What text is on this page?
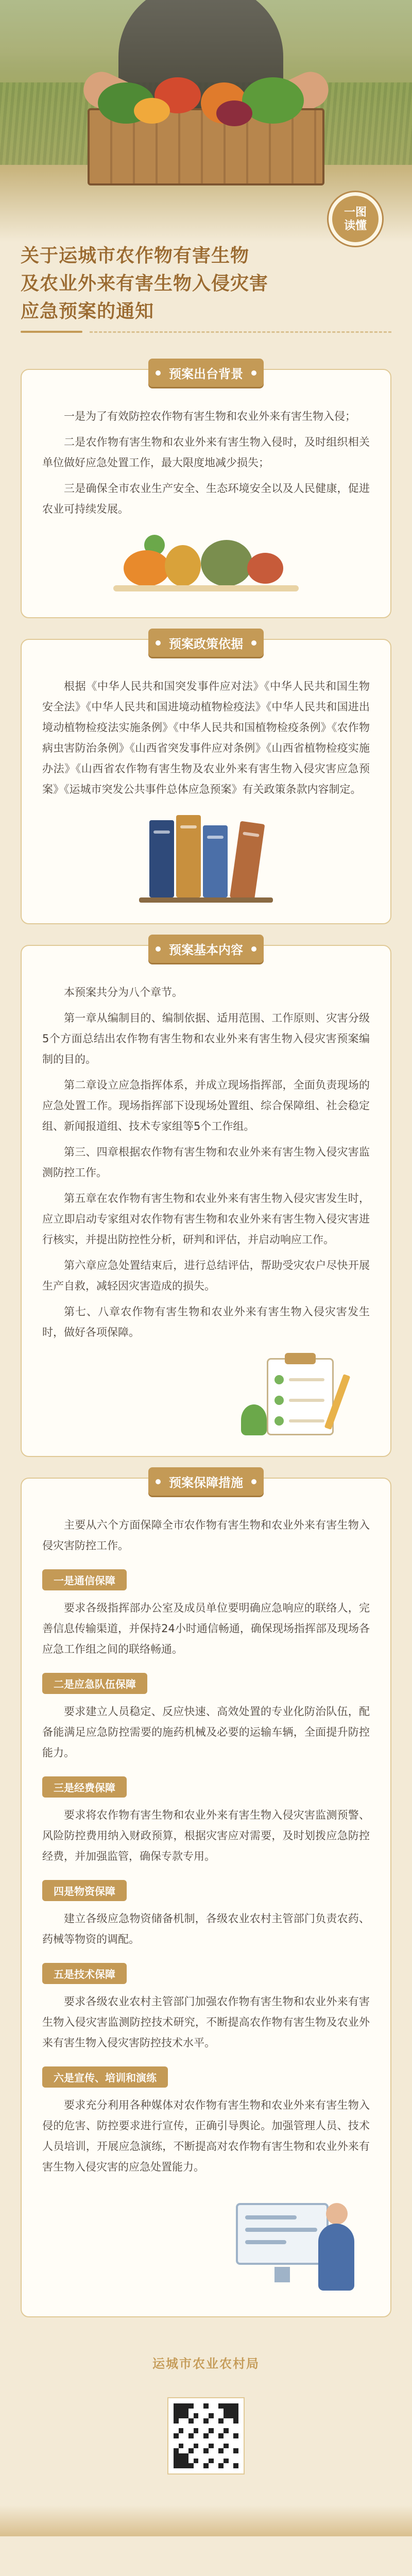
一图
读懂
关于运城市农作物有害生物
及农业外来有害生物入侵灾害
应急预案的通知
预案出台背景

一是为了有效防控农作物有害生物和农业外来有害生物入侵；

二是农作物有害生物和农业外来有害生物入侵时，及时组织相关单位做好应急处置工作，最大限度地减少损失；

三是确保全市农业生产安全、生态环境安全以及人民健康，促进农业可持续发展。

预案政策依据

根据《中华人民共和国突发事件应对法》《中华人民共和国生物安全法》《中华人民共和国进境动植物检疫法》《中华人民共和国进出境动植物检疫法实施条例》《中华人民共和国植物检疫条例》《农作物病虫害防治条例》《山西省突发事件应对条例》《山西省植物检疫实施办法》《山西省农作物有害生物及农业外来有害生物入侵灾害应急预案》《运城市突发公共事件总体应急预案》有关政策条款内容制定。

预案基本内容

本预案共分为八个章节。

第一章从编制目的、编制依据、适用范围、工作原则、灾害分级5个方面总结出农作物有害生物和农业外来有害生物入侵灾害预案编制的目的。

第二章设立应急指挥体系，并成立现场指挥部，全面负责现场的应急处置工作。现场指挥部下设现场处置组、综合保障组、社会稳定组、新闻报道组、技术专家组等5个工作组。

第三、四章根据农作物有害生物和农业外来有害生物入侵灾害监测防控工作。

第五章在农作物有害生物和农业外来有害生物入侵灾害发生时，应立即启动专家组对农作物有害生物和农业外来有害生物入侵灾害进行核实，并提出防控性分析，研判和评估，并启动响应工作。

第六章应急处置结束后，进行总结评估，帮助受灾农户尽快开展生产自救，减轻因灾害造成的损失。

第七、八章农作物有害生物和农业外来有害生物入侵灾害发生时，做好各项保障。

预案保障措施

主要从六个方面保障全市农作物有害生物和农业外来有害生物入侵灾害防控工作。

一是通信保障

要求各级指挥部办公室及成员单位要明确应急响应的联络人，完善信息传输渠道，并保持24小时通信畅通，确保现场指挥部及现场各应急工作组之间的联络畅通。

二是应急队伍保障

要求建立人员稳定、反应快速、高效处置的专业化防治队伍，配备能满足应急防控需要的施药机械及必要的运输车辆，全面提升防控能力。

三是经费保障

要求将农作物有害生物和农业外来有害生物入侵灾害监测预警、风险防控费用纳入财政预算，根据灾害应对需要，及时划拨应急防控经费，并加强监管，确保专款专用。

四是物资保障

建立各级应急物资储备机制，各级农业农村主管部门负责农药、药械等物资的调配。

五是技术保障

要求各级农业农村主管部门加强农作物有害生物和农业外来有害生物入侵灾害监测防控技术研究，不断提高农作物有害生物及农业外来有害生物入侵灾害防控技术水平。

六是宣传、培训和演练

要求充分利用各种媒体对农作物有害生物和农业外来有害生物入侵的危害、防控要求进行宣传，正确引导舆论。加强管理人员、技术人员培训，开展应急演练，不断提高对农作物有害生物和农业外来有害生物入侵灾害的应急处置能力。

运城市农业农村局
